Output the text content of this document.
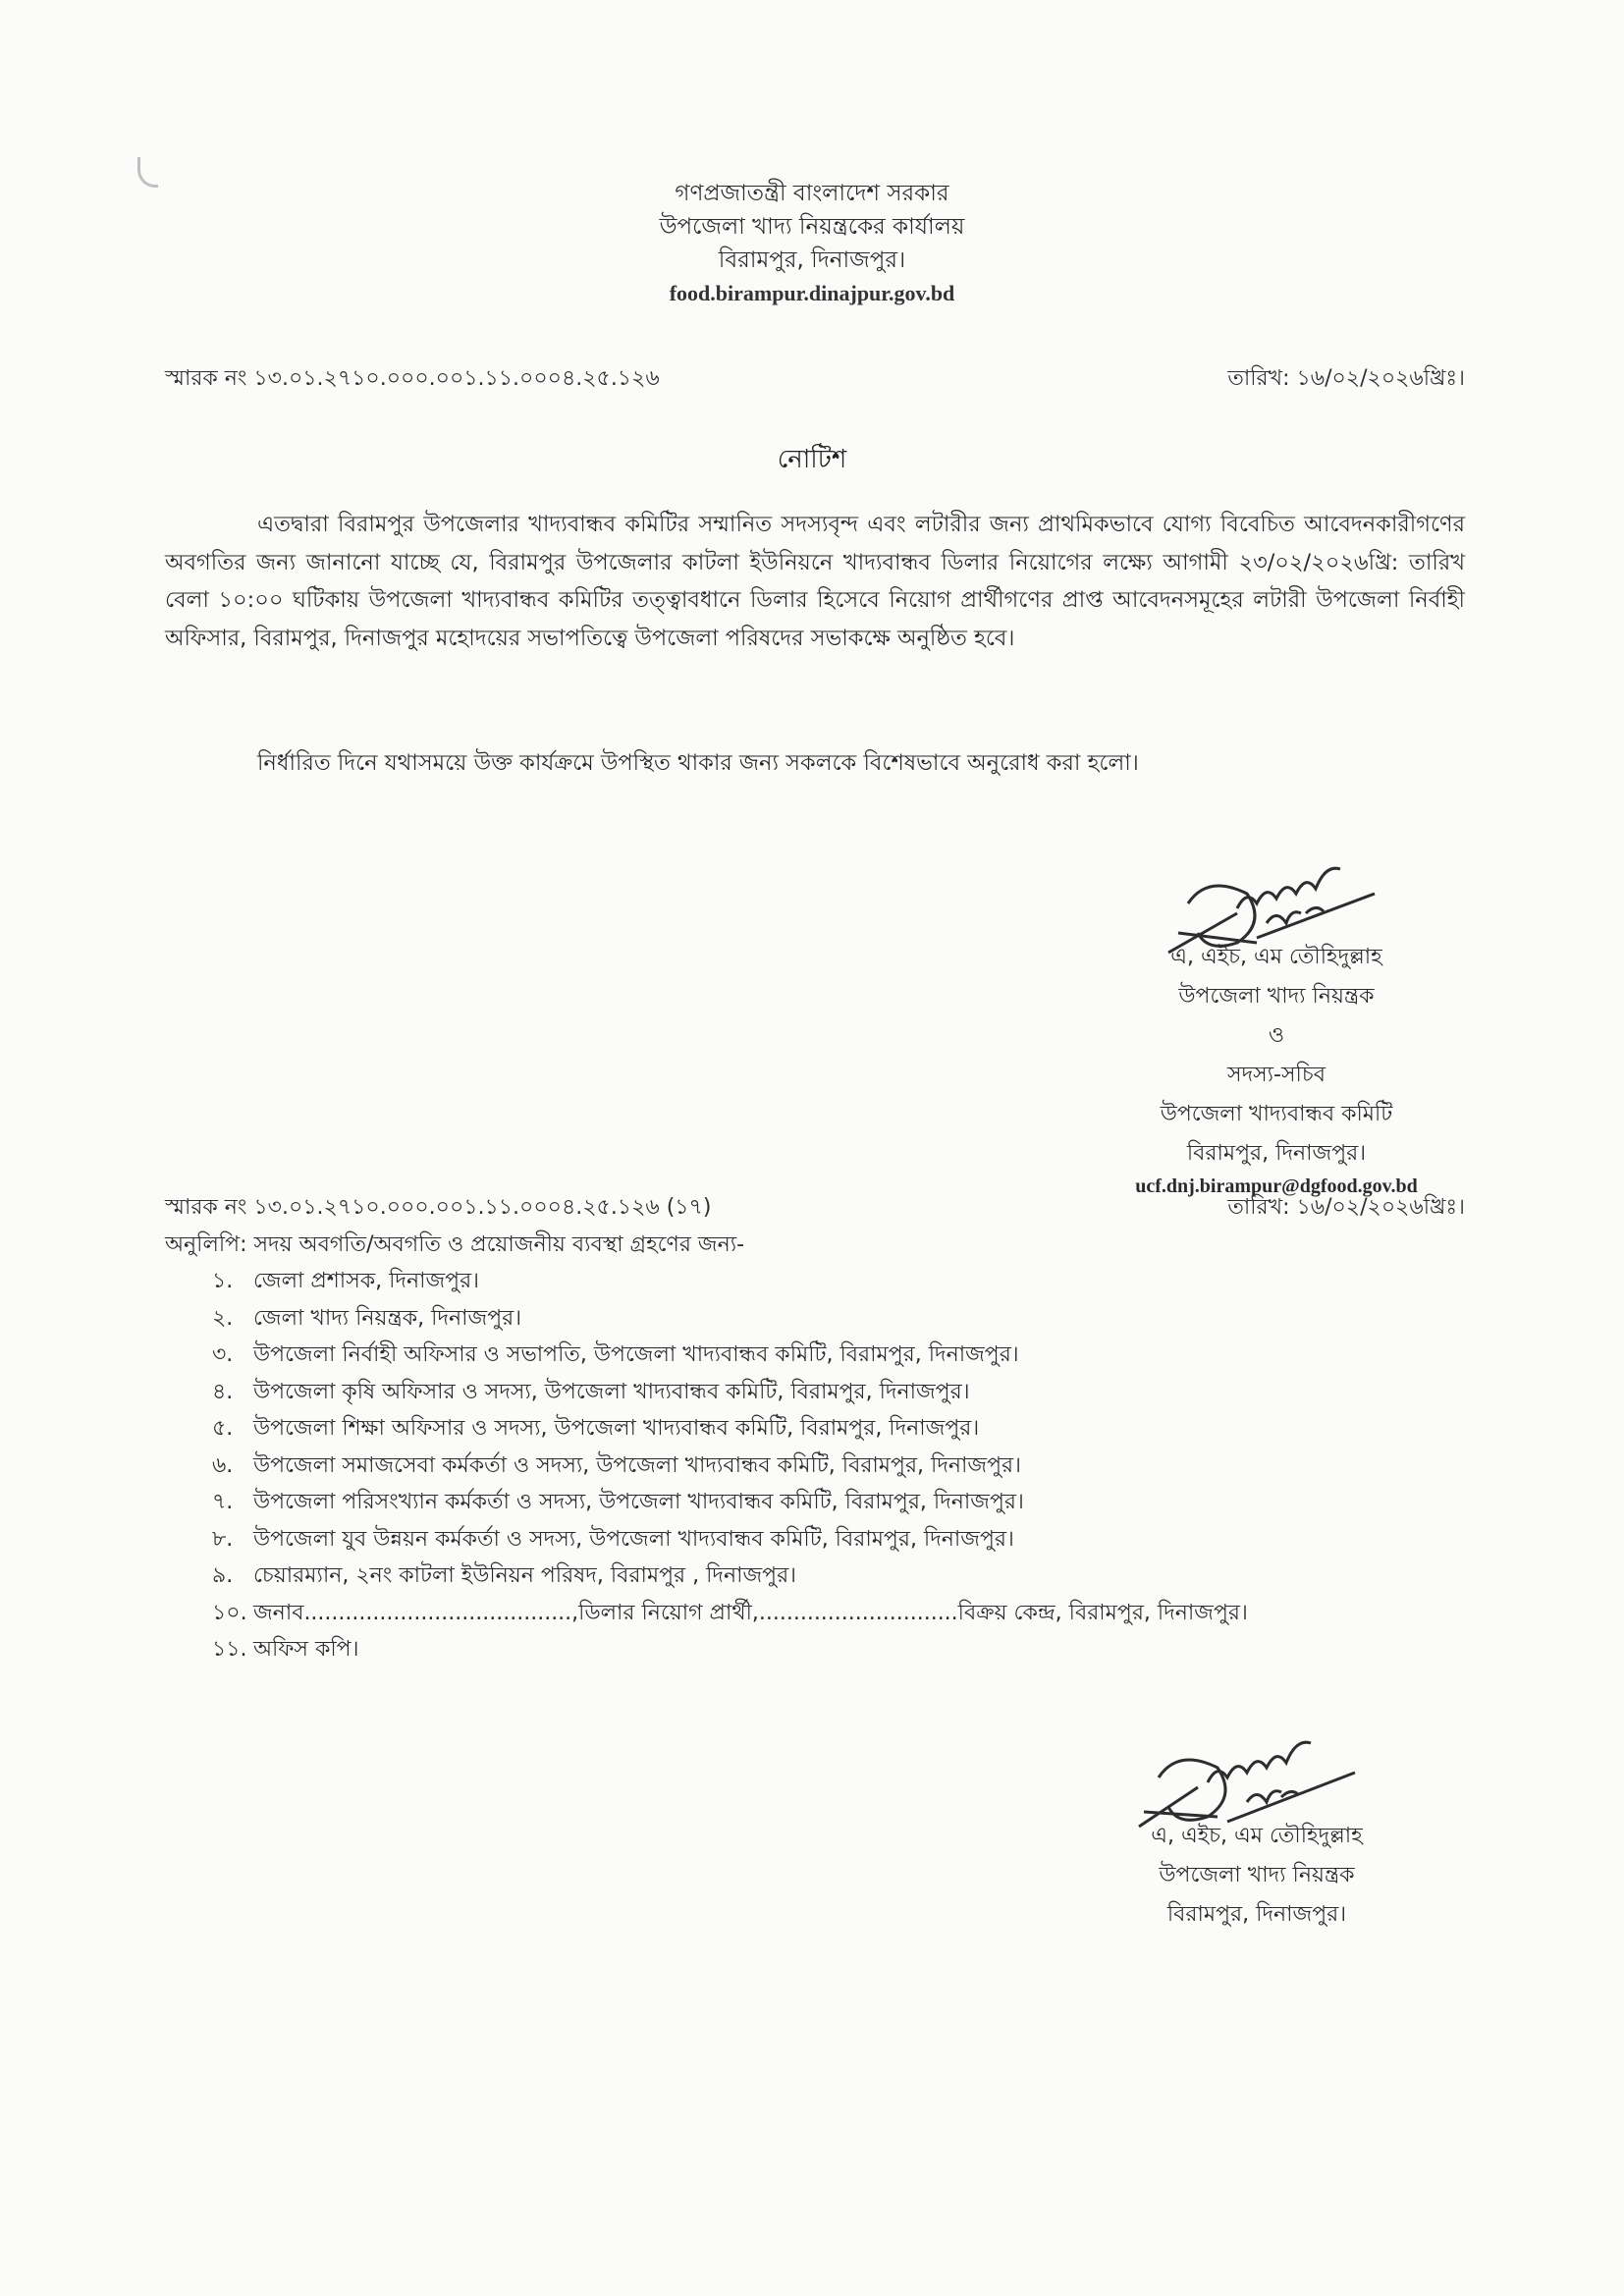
গণপ্রজাতন্ত্রী বাংলাদেশ সরকার
উপজেলা খাদ্য নিয়ন্ত্রকের কার্যালয়
বিরামপুর, দিনাজপুর।
food.birampur.dinajpur.gov.bd
স্মারক নং ১৩.০১.২৭১০.০০০.০০১.১১.০০০৪.২৫.১২৬	তারিখ: ১৬/০২/২০২৬খ্রিঃ।
নোটিশ
এতদ্বারা বিরামপুর উপজেলার খাদ্যবান্ধব কমিটির সম্মানিত সদস্যবৃন্দ এবং লটারীর জন্য প্রাথমিকভাবে যোগ্য বিবেচিত আবেদনকারীগণের অবগতির জন্য জানানো যাচ্ছে যে, বিরামপুর উপজেলার কাটলা ইউনিয়নে খাদ্যবান্ধব ডিলার নিয়োগের লক্ষ্যে আগামী ২৩/০২/২০২৬খ্রি: তারিখ বেলা ১০:০০ ঘটিকায় উপজেলা খাদ্যবান্ধব কমিটির তত্ত্বাবধানে ডিলার হিসেবে নিয়োগ প্রার্থীগণের প্রাপ্ত আবেদনসমূহের লটারী উপজেলা নির্বাহী অফিসার, বিরামপুর, দিনাজপুর মহোদয়ের সভাপতিত্বে উপজেলা পরিষদের সভাকক্ষে অনুষ্ঠিত হবে।
নির্ধারিত দিনে যথাসময়ে উক্ত কার্যক্রমে উপস্থিত থাকার জন্য সকলকে বিশেষভাবে অনুরোধ করা হলো।
এ, এইচ, এম তৌহিদুল্লাহ
উপজেলা খাদ্য নিয়ন্ত্রক
ও
সদস্য-সচিব
উপজেলা খাদ্যবান্ধব কমিটি
বিরামপুর, দিনাজপুর।
ucf.dnj.birampur@dgfood.gov.bd
স্মারক নং ১৩.০১.২৭১০.০০০.০০১.১১.০০০৪.২৫.১২৬ (১৭)	তারিখ: ১৬/০২/২০২৬খ্রিঃ।
অনুলিপি: সদয় অবগতি/অবগতি ও প্রয়োজনীয় ব্যবস্থা গ্রহণের জন্য-
১. জেলা প্রশাসক, দিনাজপুর।
২. জেলা খাদ্য নিয়ন্ত্রক, দিনাজপুর।
৩. উপজেলা নির্বাহী অফিসার ও সভাপতি, উপজেলা খাদ্যবান্ধব কমিটি, বিরামপুর, দিনাজপুর।
৪. উপজেলা কৃষি অফিসার ও সদস্য, উপজেলা খাদ্যবান্ধব কমিটি, বিরামপুর, দিনাজপুর।
৫. উপজেলা শিক্ষা অফিসার ও সদস্য, উপজেলা খাদ্যবান্ধব কমিটি, বিরামপুর, দিনাজপুর।
৬. উপজেলা সমাজসেবা কর্মকর্তা ও সদস্য, উপজেলা খাদ্যবান্ধব কমিটি, বিরামপুর, দিনাজপুর।
৭. উপজেলা পরিসংখ্যান কর্মকর্তা ও সদস্য, উপজেলা খাদ্যবান্ধব কমিটি, বিরামপুর, দিনাজপুর।
৮. উপজেলা যুব উন্নয়ন কর্মকর্তা ও সদস্য, উপজেলা খাদ্যবান্ধব কমিটি, বিরামপুর, দিনাজপুর।
৯. চেয়ারম্যান, ২নং কাটলা ইউনিয়ন পরিষদ, বিরামপুর , দিনাজপুর।
১০. জনাব.......................................,ডিলার নিয়োগ প্রার্থী,.............................বিক্রয় কেন্দ্র, বিরামপুর, দিনাজপুর।
১১. অফিস কপি।
এ, এইচ, এম তৌহিদুল্লাহ
উপজেলা খাদ্য নিয়ন্ত্রক
বিরামপুর, দিনাজপুর।
